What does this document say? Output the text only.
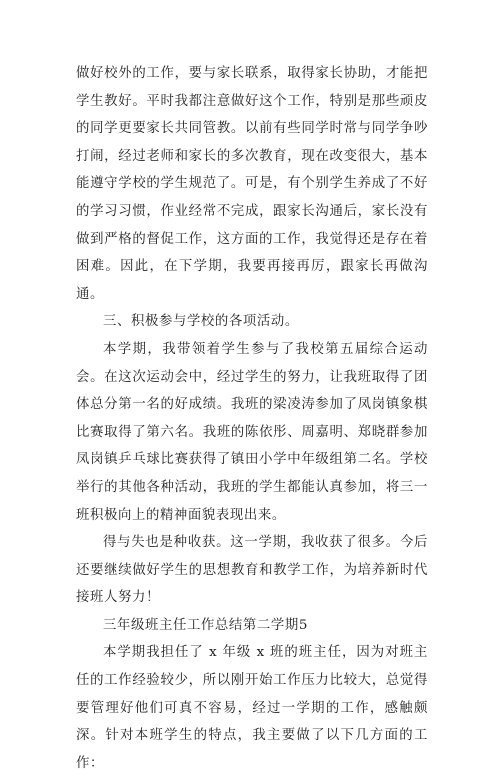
做好校外的工作，要与家长联系，取得家长协助，才能把学生教好。平时我都注意做好这个工作，特别是那些顽皮的同学更要家长共同管教。以前有些同学时常与同学争吵打闹，经过老师和家长的多次教育，现在改变很大，基本能遵守学校的学生规范了。可是，有个别学生养成了不好的学习习惯，作业经常不完成，跟家长沟通后，家长没有做到严格的督促工作，这方面的工作，我觉得还是存在着困难。因此，在下学期，我要再接再厉，跟家长再做沟通。

三、积极参与学校的各项活动。

本学期，我带领着学生参与了我校第五届综合运动会。在这次运动会中，经过学生的努力，让我班取得了团体总分第一名的好成绩。我班的梁凌涛参加了凤岗镇象棋比赛取得了第六名。我班的陈依彤、周嘉明、郑晓群参加凤岗镇乒乓球比赛获得了镇田小学中年级组第二名。学校举行的其他各种活动，我班的学生都能认真参加，将三一班积极向上的精神面貌表现出来。

得与失也是种收获。这一学期，我收获了很多。今后还要继续做好学生的思想教育和教学工作，为培养新时代接班人努力！

三年级班主任工作总结第二学期5

本学期我担任了 x 年级 x 班的班主任，因为对班主任的工作经验较少，所以刚开始工作压力比较大，总觉得要管理好他们可真不容易，经过一学期的工作，感触颇深。针对本班学生的特点，我主要做了以下几方面的工作：
